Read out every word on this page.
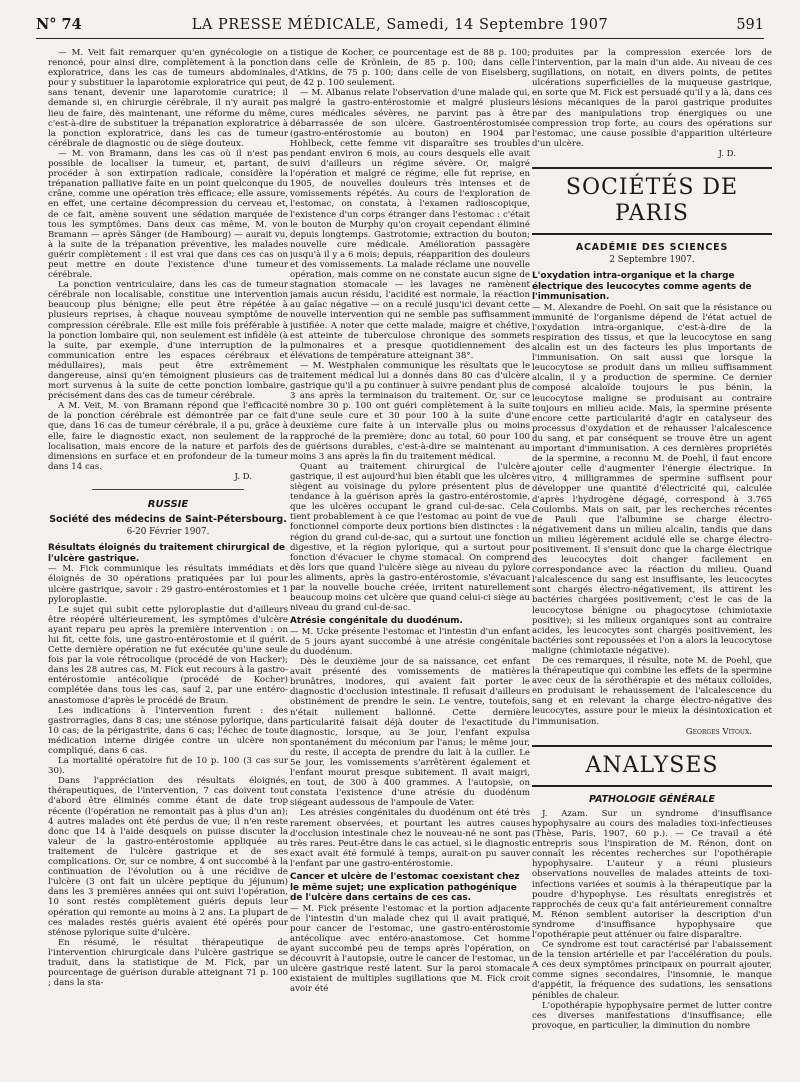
N° 74	LA PRESSE MÉDICALE, Samedi, 14 Septembre 1907	591

— M. Veit fait remarquer qu'en gynécologie on a renoncé, pour ainsi dire, complètement à la ponction exploratrice, dans les cas de tumeurs abdominales, pour y substituer la laparotomie exploratrice qui peut, sans tenant, devenir une laparotomie curatrice; il demande si, en chirurgie cérébrale, il n'y aurait pas lieu de faire, dès maintenant, une réforme du même, c'est-à-dire de substituer la trépanation exploratrice à la ponction exploratrice, dans les cas de tumeur cérébrale de diagnostic ou de siège douteux.

— M. von Bramann, dans les cas où il n'est pas possible de localiser la tumeur, et, partant, de procéder à son extirpation radicale, considère la trépanation palliative faite en un point quelconque du crâne, comme une opération très efficace; elle assure, en effet, une certaine décompression du cerveau et, de ce fait, amène souvent une sédation marquée de tous les symptômes. Dans deux cas même, M. von Bramann — après Sänger (de Hambourg) — aurait vu, à la suite de la trépanation préventive, les malades guérir complètement : il est vrai que dans ces cas on peut mettre en doute l'existence d'une tumeur cérébrale.

La ponction ventriculaire, dans les cas de tumeur cérébrale non localisable, constitue une intervention beaucoup plus bénigne; elle peut être répétée à plusieurs reprises, à chaque nouveau symptôme de compression cérébrale. Elle est mille fois préférable à la ponction lombaire qui, non seulement est infidèle (à la suite, par exemple, d'une interruption de la communication entre les espaces cérébraux et médullaires), mais peut être extrêmement dangereuse, ainsi qu'en témoignent plusieurs cas de mort survenus à la suite de cette ponction lombaire, précisément dans des cas de tumeur cérébrale.

A M. Veit, M. von Bramann répond que l'efficacité de la ponction cérébrale est démontrée par ce fait que, dans 16 cas de tumeur cérébrale, il a pu, grâce à elle, faire le diagnostic exact, non seulement de la localisation, mais encore de la nature et parfois des dimensions en surface et en profondeur de la tumeur dans 14 cas.

J. D.
RUSSIE
Société des médecins de Saint-Pétersbourg.
6-20 Février 1907.
Résultats éloignés du traitement chirurgical de l'ulcère gastrique.

— M. Fick communique les résultats immédiats et éloignés de 30 opérations pratiquées par lui pour ulcère gastrique, savoir : 29 gastro-entérostomies et 1 pyloroplastie.

Le sujet qui subit cette pyloroplastie dut d'ailleurs être réopéré ultérieurement, les symptômes d'ulcère ayant reparu peu après la première intervention : on lui fit, cette fois, une gastro-entérostomie et il guérit. Cette dernière opération ne fut exécutée qu'une seule fois par la voie rétrocolique (procédé de von Hacker); dans les 28 autres cas, M. Fick eut recours à la gastro-entérostomie antécolique (procédé de Kocher) complétée dans tous les cas, sauf 2, par une entéro-anastomose d'après le procédé de Braun.

Les indications à l'intervention furent : des gastrorragies, dans 8 cas; une sténose pylorique, dans 10 cas; de la périgastrite, dans 6 cas; l'échec de toute médication interne dirigée contre un ulcère non compliqué, dans 6 cas.

La mortalité opératoire fut de 10 p. 100 (3 cas sur 30).

Dans l'appréciation des résultats éloignés, thérapeutiques, de l'intervention, 7 cas doivent tout d'abord être éliminés comme étant de date trop récente (l'opération ne remontait pas à plus d'un an); 4 autres malades ont été perdus de vue; il n'en reste donc que 14 à l'aide desquels on puisse discuter la valeur de la gastro-entérostomie appliquée au traitement de l'ulcère gastrique et de ses complications. Or, sur ce nombre, 4 ont succombé à la continuation de l'évolution ou à une récidive de l'ulcère (3 ont fait un ulcère peptique du jéjunum) dans les 3 premières années qui ont suivi l'opération, 10 sont restés complètement guéris depuis leur opération qui remonte au moins à 2 ans. La plupart de ces malades restés guéris avaient été opérés pour sténose pylorique suite d'ulcère.

En résumé, le résultat thérapeutique de l'intervention chirurgicale dans l'ulcère gastrique se traduit, dans la statistique de M. Fick, par un pourcentage de guérison durable atteignant 71 p. 100 ; dans la sta-

tistique de Kocher, ce pourcentage est de 88 p. 100; dans celle de Krönlein, de 85 p. 100; dans celle d'Atkins, de 75 p. 100; dans celle de von Eiselsberg, de 42 p. 100 seulement.

— M. Albanus relate l'observation d'une malade qui, malgré la gastro-entérostomie et malgré plusieurs cures médicales sévères, ne parvint pas à être débarrassée de son ulcère. Gastroentérostomisée (gastro-entérostomie au bouton) en 1904 par Hohlbeck, cette femme vit disparaître ses troubles pendant environ 6 mois, au cours desquels elle avait suivi d'ailleurs un régime sévère. Or, malgré l'opération et malgré ce régime, elle fut reprise, en 1905, de nouvelles douleurs très intenses et de vomissements répétés. Au cours de l'exploration de l'estomac, on constata, à l'examen radioscopique, l'existence d'un corps étranger dans l'estomac : c'était le bouton de Murphy qu'on croyait cependant éliminé depuis longtemps. Gastrotomie; extraction du bouton; nouvelle cure médicale. Amélioration passagère jusqu'à il y a 6 mois; depuis, réapparition des douleurs et des vomissements. La malade réclame une nouvelle opération, mais comme on ne constate aucun signe de stagnation stomacale — les lavages ne ramènent jamais aucun résidu, l'acidité est normale, la réaction au gaïac négative — on a reculé jusqu'ici devant cette nouvelle intervention qui ne semble pas suffisamment justifiée. A noter que cette malade, maigre et chétive, est atteinte de tuberculose chronique des sommets pulmonaires et a presque quotidiennement des élévations de température atteignant 38°.

— M. Westphalen communique les résultats que le traitement médical lui a donnés dans 80 cas d'ulcère gastrique qu'il a pu continuer à suivre pendant plus de 3 ans après la terminaison du traitement. Or, sur ce nombre 30 p. 100 ont guéri complètement à la suite d'une seule cure et 30 pour 100 à la suite d'une deuxième cure faite à un intervalle plus ou moins rapproché de la première; donc au total, 60 pour 100 de guérisons durables, c'est-à-dire se maintenant au moins 3 ans après la fin du traitement médical.

Quant au traitement chirurgical de l'ulcère gastrique, il est aujourd'hui bien établi que les ulcères siègent au voisinage du pylore présentent plus de tendance à la guérison après la gastro-entérostomie, que les ulcères occupant le grand cul-de-sac. Cela tient probablement à ce que l'estomac au point de vue fonctionnel comporte deux portions bien distinctes : la région du grand cul-de-sac, qui a surtout une fonction digestive, et la région pylorique, qui a surtout pour fonction d'évacuer le chyme stomacal. On comprend dès lors que quand l'ulcère siège au niveau du pylore les aliments, après la gastro-entérostomie, s'évacuant par la nouvelle bouche créée, irritent naturellement beaucoup moins cet ulcère que quand celui-ci siège au niveau du grand cul-de-sac.

Atrésie congénitale du duodénum.

— M. Ucke présente l'estomac et l'intestin d'un enfant de 5 jours ayant succombé à une atrésie congénitale du duodénum.

Dès le deuxième jour de sa naissance, cet enfant avait présenté des vomissements de matières brunâtres, inodores, qui avaient fait porter le diagnostic d'occlusion intestinale. Il refusait d'ailleurs obstinément de prendre le sein. Le ventre, toutefois, n'était nullement ballonné. Cette dernière particularité faisait déjà douter de l'exactitude du diagnostic, lorsque, au 3e jour, l'enfant expulsa spontanément du méconium par l'anus; le même jour, du reste, il accepta de prendre du lait à la cuiller. Le 5e jour, les vomissements s'arrêtèrent également et l'enfant mourut presque subitement. Il avait maigri, en tout, de 300 à 400 grammes. A l'autopsie, on constata l'existence d'une atrésie du duodénum siégeant audessous de l'ampoule de Vater.

Les atrésies congénitales du duodénum ont été très rarement observées, et pourtant les autres causes d'occlusion intestinale chez le nouveau-né ne sont pas très rares. Peut-être dans le cas actuel, si le diagnostic exact avait été formulé à temps, aurait-on pu sauver l'enfant par une gastro-entérostomie.

Cancer et ulcère de l'estomac coexistant chez le même sujet; une explication pathogénique de l'ulcère dans certains de ces cas.

— M. Fick présente l'estomac et la portion adjacente de l'intestin d'un malade chez qui il avait pratiqué, pour cancer de l'estomac, une gastro-entérostomie antécolique avec entéro-anastomose. Cet homme ayant succombé peu de temps après l'opération, on découvrit à l'autopsie, outre le cancer de l'estomac, un ulcère gastrique resté latent. Sur la paroi stomacale existaient de multiples sugillations que M. Fick croit avoir été

produites par la compression exercée lors de l'intervention, par la main d'un aide. Au niveau de ces sugillations, on notait, en divers points, de petites ulcérations superficielles de la muqueuse gastrique, en sorte que M. Fick est persuadé qu'il y a là, dans ces lésions mécaniques de la paroi gastrique produites par des manipulations trop énergiques ou une compression trop forte, au cours des opérations sur l'estomac, une cause possible d'apparition ultérieure d'un ulcère.

J. D.
SOCIÉTÉS DE PARIS
ACADÉMIE DES SCIENCES
2 Septembre 1907.
L'oxydation intra-organique et la charge électrique des leucocytes comme agents de l'immunisation.

— M. Alexandre de Poehl. On sait que la résistance ou immunité de l'organisme dépend de l'état actuel de l'oxydation intra-organique, c'est-à-dire de la respiration des tissus, et que la leucocytose en sang alcalin est un des facteurs les plus importants de l'immunisation. On sait aussi que lorsque la leucocytose se produit dans un milieu suffisamment alcalin, il y a production de spermine. Ce dernier composé alcaloïde toujours le pus bénin, la leucocytose maligne se produisant au contraire toujours en milieu acide. Mais, la spermine présente encore cette particularité d'agir en catalyseur des processus d'oxydation et de rehausser l'alcalescence du sang, et par conséquent se trouve être un agent important d'immunisation. A ces dernières propriétés de la spermine, a reconnu M. de Poehl, il faut encore ajouter celle d'augmenter l'énergie électrique. In vitro, 4 milligrammes de spermine suffisent pour développer une quantité d'électricité qui, calculée d'après l'hydrogène dégagé, correspond à 3.765 Coulombs. Mais on sait, par les recherches récentes de Pauli que l'albumine se charge électro-négativement dans un milieu alcalin, tandis que dans un milieu légèrement acidulé elle se charge électro-positivement. Il s'ensuit donc que la charge électrique des leucocytes doit changer facilement en correspondance avec la réaction du milieu. Quand l'alcalescence du sang est insuffisante, les leucocytes sont chargés électro-négativement, ils attirent les bactéries chargées positivement; c'est le cas de la leucocytose bénigne ou phagocytose (chimiotaxie positive); si les milieux organiques sont au contraire acides, les leucocytes sont chargés positivement, les bactéries sont repoussées et l'on a alors la leucocytose maligne (chimiotaxie négative).

De ces remarques, il résulte, note M. de Poehl, que la thérapeutique qui combine les effets de la spermine avec ceux de la sérothérapie et des métaux colloïdes, en produisant le rehaussement de l'alcalescence du sang et en relevant la charge électro-négative des leucocytes, assure pour le mieux la désintoxication et l'immunisation.

Georges Vitoux.
ANALYSES
PATHOLOGIE GÉNÉRALE

J. Azam. Sur un syndrome d'insuffisance hypophysaire au cours des maladies toxi-infectieuses (Thèse, Paris, 1907, 60 p.). — Ce travail a été entrepris sous l'inspiration de M. Rénon, dont on connaît les récentes recherches sur l'opothérapie hypophysaire. L'auteur y a réuni plusieurs observations nouvelles de malades atteints de toxi-infections variées et soumis à la thérapeutique par la poudre d'hypophyse. Les résultats enregistrés et rapprochés de ceux qu'a fait antérieurement connaître M. Rénon semblent autoriser la description d'un syndrome d'insuffisance hypophysaire que l'opothérapie peut atténuer ou faire disparaître.

Ce syndrome est tout caractérisé par l'abaissement de la tension artérielle et par l'accélération du pouls. A ces deux symptômes principaux on pourrait ajouter, comme signes secondaires, l'insomnie, le manque d'appétit, la fréquence des sudations, les sensations pénibles de chaleur.

L'opothérapie hypophysaire permet de lutter contre ces diverses manifestations d'insuffisance; elle provoque, en particulier, la diminution du nombre
